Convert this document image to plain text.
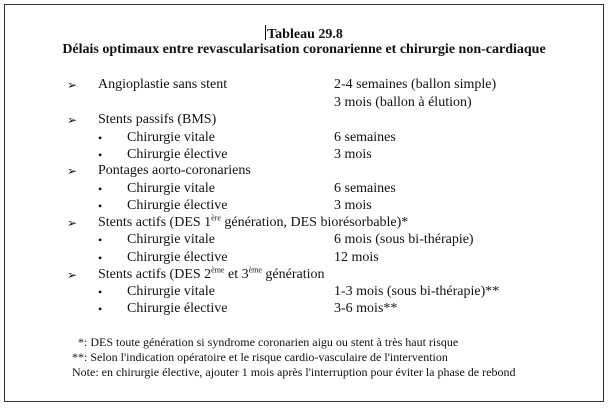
Tableau 29.8
Délais optimaux entre revascularisation coronarienne et chirurgie non-cardiaque
➢ Angioplastie sans stent	2-4 semaines (ballon simple)
3 mois (ballon à élution)
➢ Stents passifs (BMS)
• Chirurgie vitale	6 semaines
• Chirurgie élective	3 mois
➢ Pontages aorto-coronariens
• Chirurgie vitale	6 semaines
• Chirurgie élective	3 mois
➢ Stents actifs (DES 1ère génération, DES biorésorbable)*
• Chirurgie vitale	6 mois (sous bi-thérapie)
• Chirurgie élective	12 mois
➢ Stents actifs (DES 2ème et 3ème génération
• Chirurgie vitale	1-3 mois (sous bi-thérapie)**
• Chirurgie élective	3-6 mois**
*: DES toute génération si syndrome coronarien aigu ou stent à très haut risque
**: Selon l'indication opératoire et le risque cardio-vasculaire de l'intervention
Note: en chirurgie élective, ajouter 1 mois après l'interruption pour éviter la phase de rebond
